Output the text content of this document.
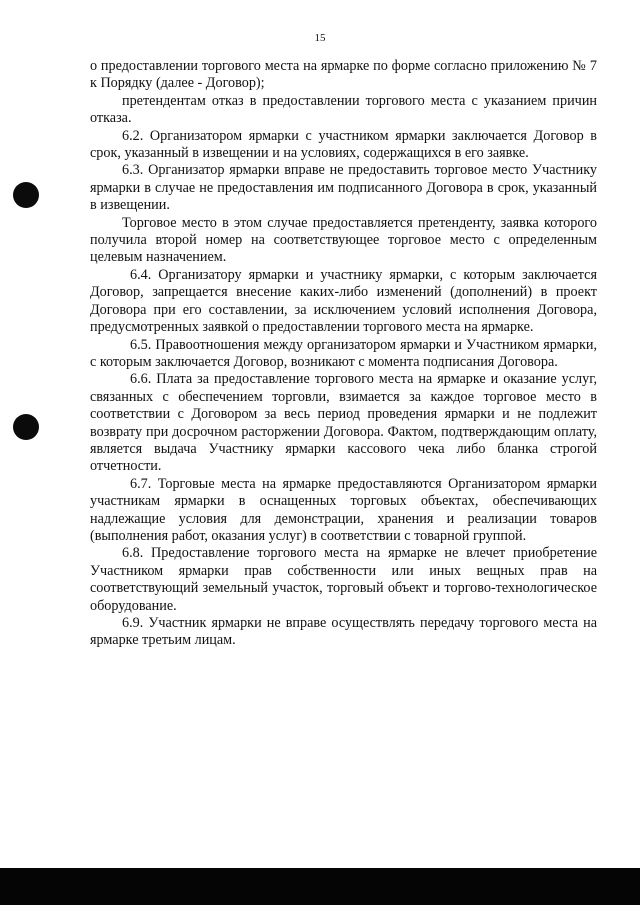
15

о предоставлении торгового места на ярмарке по форме согласно приложению № 7 к Порядку (далее - Договор);

претендентам отказ в предоставлении торгового места с указанием причин отказа.

6.2. Организатором ярмарки с участником ярмарки заключается Договор в срок, указанный в извещении и на условиях, содержащихся в его заявке.

6.3. Организатор ярмарки вправе не предоставить торговое место Участнику ярмарки в случае не предоставления им подписанного Договора в срок, указанный в извещении.

Торговое место в этом случае предоставляется претенденту, заявка которого получила второй номер на соответствующее торговое место с определенным целевым назначением.

6.4. Организатору ярмарки и участнику ярмарки, с которым заключается Договор, запрещается внесение каких-либо изменений (дополнений) в проект Договора при его составлении, за исключением условий исполнения Договора, предусмотренных заявкой о предоставлении торгового места на ярмарке.

6.5. Правоотношения между организатором ярмарки и Участником ярмарки, с которым заключается Договор, возникают с момента подписания Договора.

6.6. Плата за предоставление торгового места на ярмарке и оказание услуг, связанных с обеспечением торговли, взимается за каждое торговое место в соответствии с Договором за весь период проведения ярмарки и не подлежит возврату при досрочном расторжении Договора. Фактом, подтверждающим оплату, является выдача Участнику ярмарки кассового чека либо бланка строгой отчетности.

6.7. Торговые места на ярмарке предоставляются Организатором ярмарки участникам ярмарки в оснащенных торговых объектах, обеспечивающих надлежащие условия для демонстрации, хранения и реализации товаров (выполнения работ, оказания услуг) в соответствии с товарной группой.

6.8. Предоставление торгового места на ярмарке не влечет приобретение Участником ярмарки прав собственности или иных вещных прав на соответствующий земельный участок, торговый объект и торгово-технологическое оборудование.

6.9. Участник ярмарки не вправе осуществлять передачу торгового места на ярмарке третьим лицам.
